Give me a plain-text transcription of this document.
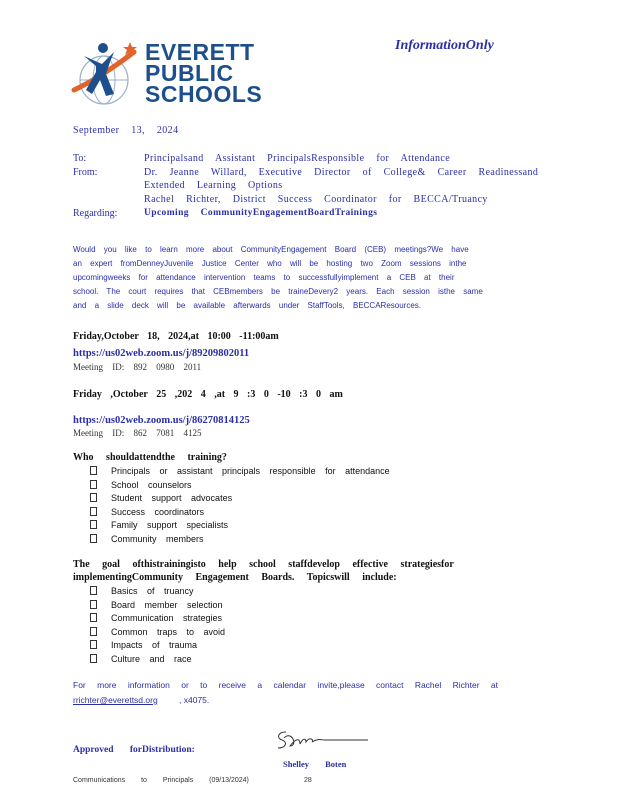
EVERETT
PUBLIC
SCHOOLS
InformationOnly
September 13, 2024
To:	Principalsand Assistant PrincipalsResponsible for Attendance
From:	Dr. Jeanne Willard, Executive Director of College& Career Readinessand
Extended Learning Options
Rachel Richter, District Success Coordinator for BECCA/Truancy
Regarding:	Upcoming CommunityEngagementBoardTrainings
Would you like to learn more about CommunityEngagement Board (CEB) meetings?We have
an expert fromDenneyJuvenile Justice Center who will be hosting two Zoom sessions inthe
upcomingweeks for attendance intervention teams to successfullyimplement a CEB at their
school. The court requires that CEBmembers be traineDevery2 years. Each session isthe same
and a slide deck will be available afterwards under StaffTools, BECCAResources.
Friday,October 18, 2024,at 10:00 -11:00am
https://us02web.zoom.us/j/89209802011
Meeting ID: 892 0980 2011
Friday ,October 25 ,202 4 ,at 9 :3 0 -10 :3 0 am
https://us02web.zoom.us/j/86270814125
Meeting ID: 862 7081 4125
Who shouldattendthe training?
Principals or assistant principals responsible for attendance
School counselors
Student support advocates
Success coordinators
Family support specialists
Community members
The goal ofthistrainingisto help school staffdevelop effective strategiesfor
implementingCommunity Engagement Boards. Topicswill include:
Basics of truancy
Board member selection
Communication strategies
Common traps to avoid
Impacts of trauma
Culture and race
For more information or to receive a calendar invite,please contact Rachel Richter at
rrichter@everettsd.org	, x4075.
Approved forDistribution:
Shelley Boten
Communications to Principals (09/13/2024)	28
